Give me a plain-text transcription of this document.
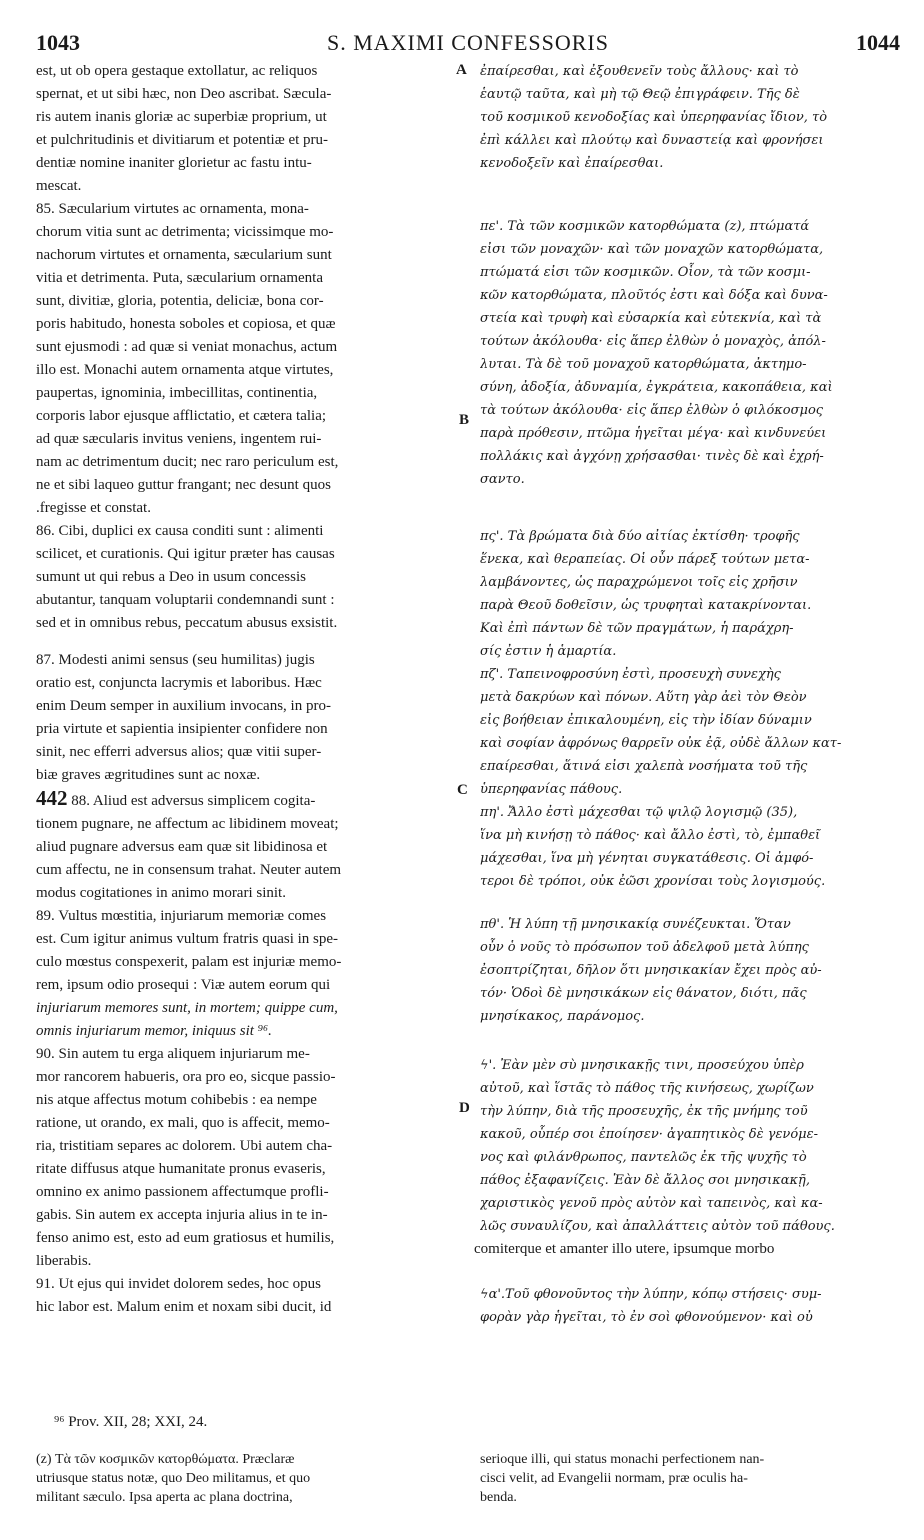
1043	S. MAXIMI CONFESSORIS	1044
A
B
C
D
est, ut ob opera gestaque extollatur, ac reliquos
spernat, et ut sibi hæc, non Deo ascribat. Sæcula-
ris autem inanis gloriæ ac superbiæ proprium, ut
et pulchritudinis et divitiarum et potentiæ et pru-
dentiæ nomine inaniter glorietur ac fastu intu-
mescat.
85. Sæcularium virtutes ac ornamenta, mona-
chorum vitia sunt ac detrimenta; vicissimque mo-
nachorum virtutes et ornamenta, sæcularium sunt
vitia et detrimenta. Puta, sæcularium ornamenta
sunt, divitiæ, gloria, potentia, deliciæ, bona cor-
poris habitudo, honesta soboles et copiosa, et quæ
sunt ejusmodi : ad quæ si veniat monachus, actum
illo est. Monachi autem ornamenta atque virtutes,
paupertas, ignominia, imbecillitas, continentia,
corporis labor ejusque afflictatio, et cætera talia;
ad quæ sæcularis invitus veniens, ingentem rui-
nam ac detrimentum ducit; nec raro periculum est,
ne et sibi laqueo guttur frangant; nec desunt quos
.fregisse et constat.
86. Cibi, duplici ex causa conditi sunt : alimenti
scilicet, et curationis. Qui igitur præter has causas
sumunt ut qui rebus a Deo in usum concessis
abutantur, tanquam voluptarii condemnandi sunt :
sed et in omnibus rebus, peccatum abusus exsistit.
87. Modesti animi sensus (seu humilitas) jugis
oratio est, conjuncta lacrymis et laboribus. Hæc
enim Deum semper in auxilium invocans, in pro-
pria virtute et sapientia insipienter confidere non
sinit, nec efferri adversus alios; quæ vitii super-
biæ graves ægritudines sunt ac noxæ.
442 88. Aliud est adversus simplicem cogita-
tionem pugnare, ne affectum ac libidinem moveat;
aliud pugnare adversus eam quæ sit libidinosa et
cum affectu, ne in consensum trahat. Neuter autem
modus cogitationes in animo morari sinit.
89. Vultus mœstitia, injuriarum memoriæ comes
est. Cum igitur animus vultum fratris quasi in spe-
culo mœstus conspexerit, palam est injuriæ memo-
rem, ipsum odio prosequi : Viæ autem eorum qui
injuriarum memores sunt, in mortem; quippe cum,
omnis injuriarum memor, iniquus sit ⁹⁶.
90. Sin autem tu erga aliquem injuriarum me-
mor rancorem habueris, ora pro eo, sicque passio-
nis atque affectus motum cohibebis : ea nempe
ratione, ut orando, ex mali, quo is affecit, memo-
ria, tristitiam separes ac dolorem. Ubi autem cha-
ritate diffusus atque humanitate pronus evaseris,
omnino ex animo passionem affectumque profli-
gabis. Sin autem ex accepta injuria alius in te in-
fenso animo est, esto ad eum gratiosus et humilis,
liberabis.
91. Ut ejus qui invidet dolorem sedes, hoc opus
hic labor est. Malum enim et noxam sibi ducit, id
ἐπαίρεσθαι, καὶ ἐξουθενεῖν τοὺς ἄλλους· καὶ τὸ
ἑαυτῷ ταῦτα, καὶ μὴ τῷ Θεῷ ἐπιγράφειν. Τῆς δὲ
τοῦ κοσμικοῦ κενοδοξίας καὶ ὑπερηφανίας ἴδιον, τὸ
ἐπὶ κάλλει καὶ πλούτῳ καὶ δυναστείᾳ καὶ φρονήσει
κενοδοξεῖν καὶ ἐπαίρεσθαι.
πε'. Τὰ τῶν κοσμικῶν κατορθώματα (z), πτώματά
εἰσι τῶν μοναχῶν· καὶ τῶν μοναχῶν κατορθώματα,
πτώματά εἰσι τῶν κοσμικῶν. Οἷον, τὰ τῶν κοσμι-
κῶν κατορθώματα, πλοῦτός ἐστι καὶ δόξα καὶ δυνα-
στεία καὶ τρυφὴ καὶ εὐσαρκία καὶ εὐτεκνία, καὶ τὰ
τούτων ἀκόλουθα· εἰς ἅπερ ἐλθὼν ὁ μοναχὸς, ἀπόλ-
λυται. Τὰ δὲ τοῦ μοναχοῦ κατορθώματα, ἀκτημο-
σύνη, ἀδοξία, ἀδυναμία, ἐγκράτεια, κακοπάθεια, καὶ
τὰ τούτων ἀκόλουθα· εἰς ἅπερ ἐλθὼν ὁ φιλόκοσμος
παρὰ πρόθεσιν, πτῶμα ἡγεῖται μέγα· καὶ κινδυνεύει
πολλάκις καὶ ἀγχόνῃ χρήσασθαι· τινὲς δὲ καὶ ἐχρή-
σαντο.
πς'. Τὰ βρώματα διὰ δύο αἰτίας ἐκτίσθη· τροφῆς
ἕνεκα, καὶ θεραπείας. Οἱ οὖν πάρεξ τούτων μετα-
λαμβάνοντες, ὡς παραχρώμενοι τοῖς εἰς χρῆσιν
παρὰ Θεοῦ δοθεῖσιν, ὡς τρυφηταὶ κατακρίνονται.
Καὶ ἐπὶ πάντων δὲ τῶν πραγμάτων, ἡ παράχρη-
σίς ἐστιν ἡ ἁμαρτία.
πζ'. Ταπεινοφροσύνη ἐστὶ, προσευχὴ συνεχὴς
μετὰ δακρύων καὶ πόνων. Αὕτη γὰρ ἀεὶ τὸν Θεὸν
εἰς βοήθειαν ἐπικαλουμένη, εἰς τὴν ἰδίαν δύναμιν
καὶ σοφίαν ἀφρόνως θαρρεῖν οὐκ ἐᾷ, οὐδὲ ἄλλων κατ-
επαίρεσθαι, ἅτινά εἰσι χαλεπὰ νοσήματα τοῦ τῆς
ὑπερηφανίας πάθους.
πη'. Ἄλλο ἐστὶ μάχεσθαι τῷ ψιλῷ λογισμῷ (35),
ἵνα μὴ κινήσῃ τὸ πάθος· καὶ ἄλλο ἐστὶ, τὸ, ἐμπαθεῖ
μάχεσθαι, ἵνα μὴ γένηται συγκατάθεσις. Οἱ ἀμφό-
τεροι δὲ τρόποι, οὐκ ἐῶσι χρονίσαι τοὺς λογισμούς.
πθ'. Ἡ λύπη τῇ μνησικακίᾳ συνέζευκται. Ὅταν
οὖν ὁ νοῦς τὸ πρόσωπον τοῦ ἀδελφοῦ μετὰ λύπης
ἐσοπτρίζηται, δῆλον ὅτι μνησικακίαν ἔχει πρὸς αὐ-
τόν· Ὁδοὶ δὲ μνησικάκων εἰς θάνατον, διότι, πᾶς
μνησίκακος, παράνομος.
ϟ'. Ἐὰν μὲν σὺ μνησικακῇς τινι, προσεύχου ὑπὲρ
αὐτοῦ, καὶ ἵστᾶς τὸ πάθος τῆς κινήσεως, χωρίζων
τὴν λύπην, διὰ τῆς προσευχῆς, ἐκ τῆς μνήμης τοῦ
κακοῦ, οὗπέρ σοι ἐποίησεν· ἀγαπητικὸς δὲ γενόμε-
νος καὶ φιλάνθρωπος, παντελῶς ἐκ τῆς ψυχῆς τὸ
πάθος ἐξαφανίζεις. Ἐὰν δὲ ἄλλος σοι μνησικακῇ,
χαριστικὸς γενοῦ πρὸς αὐτὸν καὶ ταπεινὸς, καὶ κα-
λῶς συναυλίζου, καὶ ἀπαλλάττεις αὐτὸν τοῦ πάθους.
comiterque et amanter illo utere, ipsumque morbo
ϟα'.Τοῦ φθονοῦντος τὴν λύπην, κόπῳ στήσεις· συμ-
φορὰν γὰρ ἡγεῖται, τὸ ἐν σοὶ φθονούμενον· καὶ οὐ
⁹⁶ Prov. XII, 28; XXI, 24.
(z) Τὰ τῶν κοσμικῶν κατορθώματα. Præclaræ
utriusque status notæ, quo Deo militamus, et quo
militant sæculo. Ipsa aperta ac plana doctrina,
serioque illi, qui status monachi perfectionem nan-
cisci velit, ad Evangelii normam, præ oculis ha-
benda.
